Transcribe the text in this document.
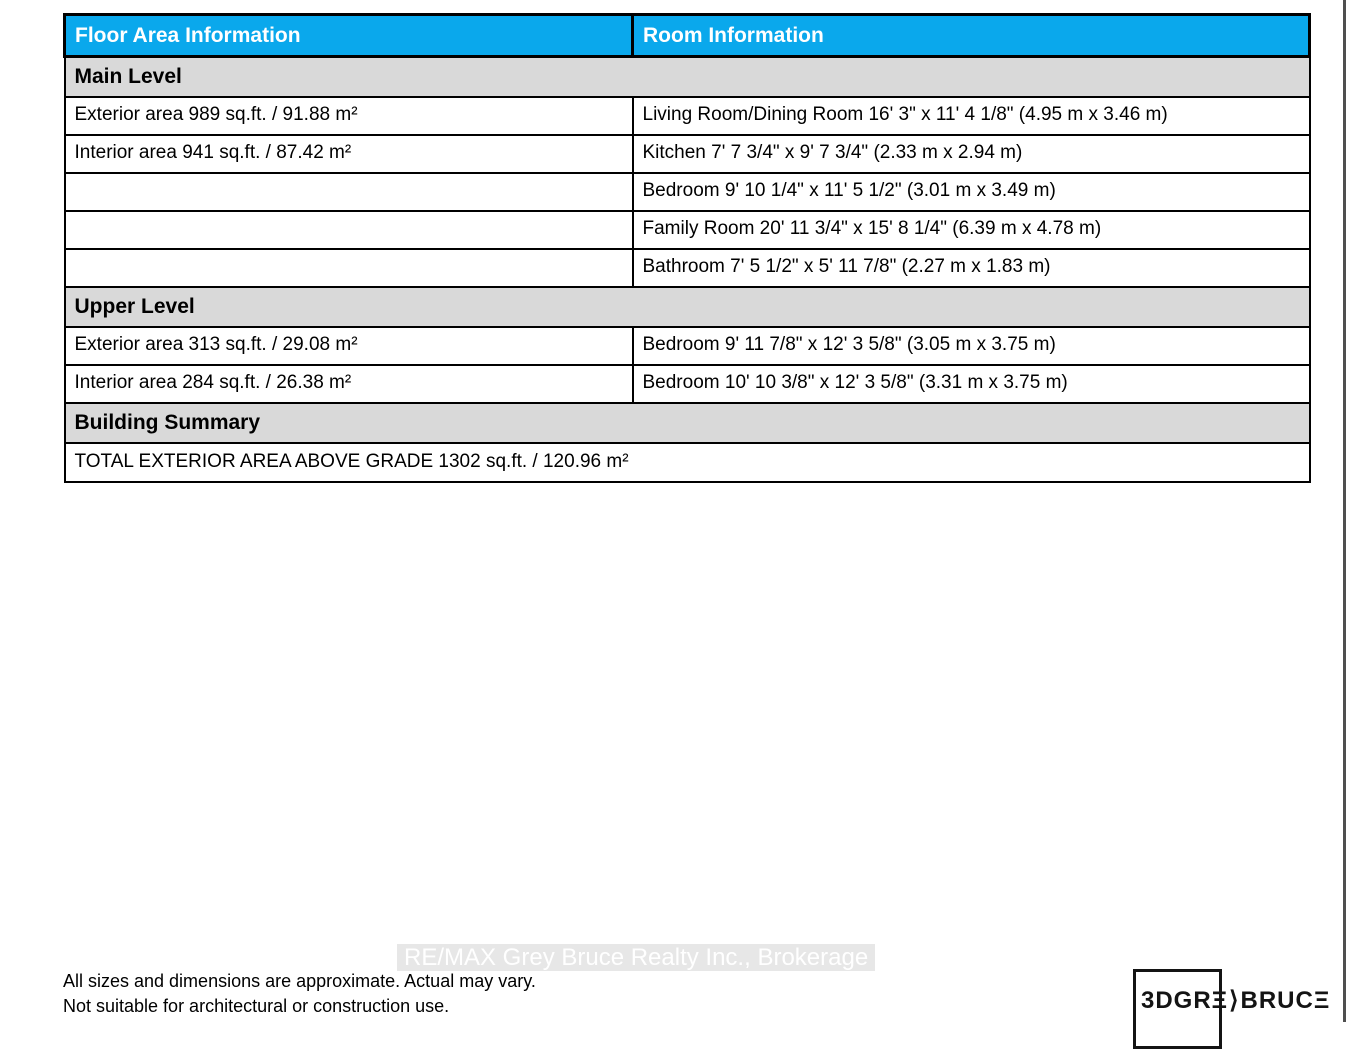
Floor Area Information	Room Information
Main Level	
Exterior area 989 sq.ft. / 91.88 m²	Living Room/Dining Room 16' 3" x 11' 4 1/8" (4.95 m x 3.46 m)
Interior area 941 sq.ft. / 87.42 m²	Kitchen 7' 7 3/4" x 9' 7 3/4" (2.33 m x 2.94 m)
	Bedroom 9' 10 1/4" x 11' 5 1/2" (3.01 m x 3.49 m)
	Family Room 20' 11 3/4" x 15' 8 1/4" (6.39 m x 4.78 m)
	Bathroom 7' 5 1/2" x 5' 11 7/8" (2.27 m x 1.83 m)
Upper Level	
Exterior area 313 sq.ft. / 29.08 m²	Bedroom 9' 11 7/8" x 12' 3 5/8" (3.05 m x 3.75 m)
Interior area 284 sq.ft. / 26.38 m²	Bedroom 10' 10 3/8" x 12' 3 5/8" (3.31 m x 3.75 m)
Building Summary	
TOTAL EXTERIOR AREA ABOVE GRADE 1302 sq.ft. / 120.96 m²	
RE/MAX Grey Bruce Realty Inc., Brokerage
All sizes and dimensions are approximate. Actual may vary.
Not suitable for architectural or construction use.	3DGRΞ⟩BRUCΞ
